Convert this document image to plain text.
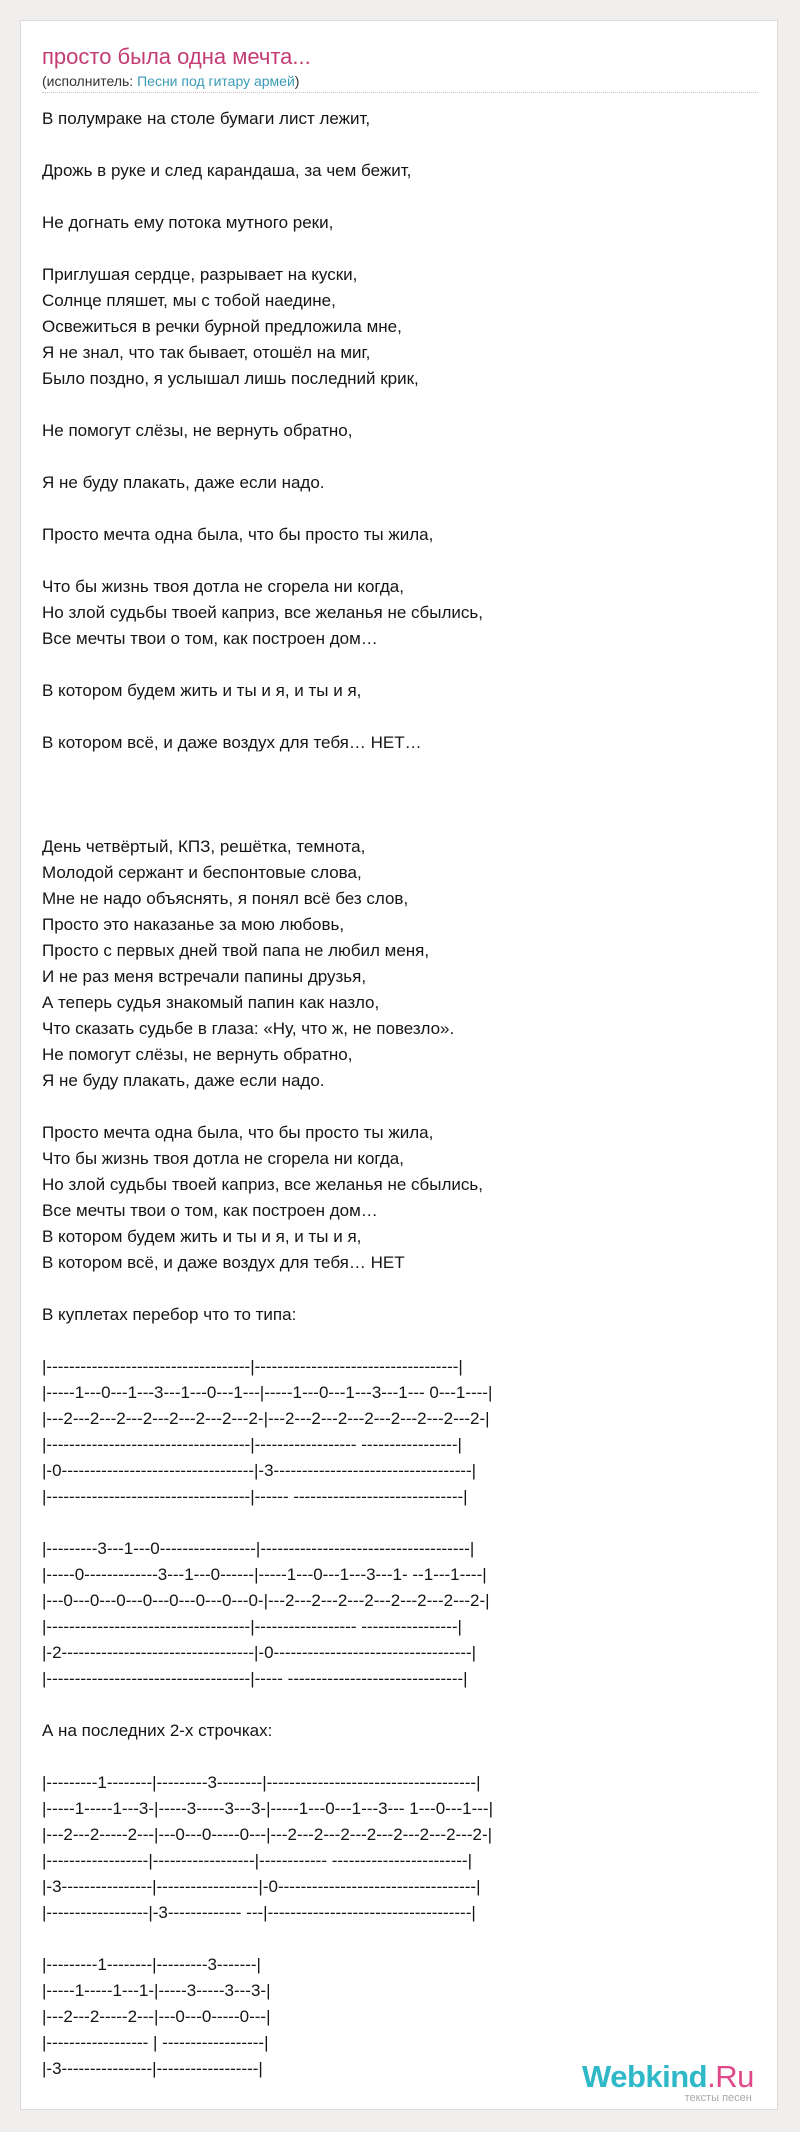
просто была одна мечта...
(исполнитель: Песни под гитару армей)
В полумраке на столе бумаги лист лежит,

Дрожь в руке и след карандаша, за чем бежит,

Не догнать ему потока мутного реки,

Приглушая сердце, разрывает на куски,
Солнце пляшет, мы с тобой наедине,
Освежиться в речки бурной предложила мне,
Я не знал, что так бывает, отошёл на миг,
Было поздно, я услышал лишь последний крик,

Не помогут слёзы, не вернуть обратно,

Я не буду плакать, даже если надо.

Просто мечта одна была, что бы просто ты жила,

Что бы жизнь твоя дотла не сгорела ни когда,
Но злой судьбы твоей каприз, все желанья не сбылись,
Все мечты твои о том, как построен дом…

В котором будем жить и ты и я, и ты и я,

В котором всё, и даже воздух для тебя… НЕТ…

День четвёртый, КПЗ, решётка, темнота,
Молодой сержант и беспонтовые слова,
Мне не надо объяснять, я понял всё без слов,
Просто это наказанье за мою любовь,
Просто с первых дней твой папа не любил меня,
И не раз меня встречали папины друзья,
А теперь судья знакомый папин как назло,
Что сказать судьбе в глаза: «Ну, что ж, не повезло».
Не помогут слёзы, не вернуть обратно,
Я не буду плакать, даже если надо.

Просто мечта одна была, что бы просто ты жила,
Что бы жизнь твоя дотла не сгорела ни когда,
Но злой судьбы твоей каприз, все желанья не сбылись,
Все мечты твои о том, как построен дом…
В котором будем жить и ты и я, и ты и я,
В котором всё, и даже воздух для тебя… НЕТ

В куплетах перебор что то типа:

|------------------------------------|------------------------------------|
|-----1---0---1---3---1---0---1---|-----1---0---1---3---1--- 0---1----|
|---2---2---2---2---2---2---2---2-|---2---2---2---2---2---2---2---2-|
|------------------------------------|------------------ -----------------|
|-0----------------------------------|-3-----------------------------------|
|------------------------------------|------ ------------------------------|

|---------3---1---0-----------------|-------------------------------------|
|-----0-------------3---1---0------|-----1---0---1---3---1- --1---1----|
|---0---0---0---0---0---0---0---0-|---2---2---2---2---2---2---2---2-|
|------------------------------------|------------------ -----------------|
|-2----------------------------------|-0-----------------------------------|
|------------------------------------|----- -------------------------------|

А на последних 2-х строчках:

|---------1--------|---------3--------|-------------------------------------|
|-----1-----1---3-|-----3-----3---3-|-----1---0---1---3--- 1---0---1---|
|---2---2-----2---|---0---0-----0---|---2---2---2---2---2---2---2---2-|
|------------------|------------------|------------ ------------------------|
|-3----------------|------------------|-0-----------------------------------|
|------------------|-3------------- ---|------------------------------------|

|---------1--------|---------3-------|
|-----1-----1---1-|-----3-----3---3-|
|---2---2-----2---|---0---0-----0---|
|------------------ | ------------------|
|-3----------------|------------------|	Webkind.Ru
тексты песен
